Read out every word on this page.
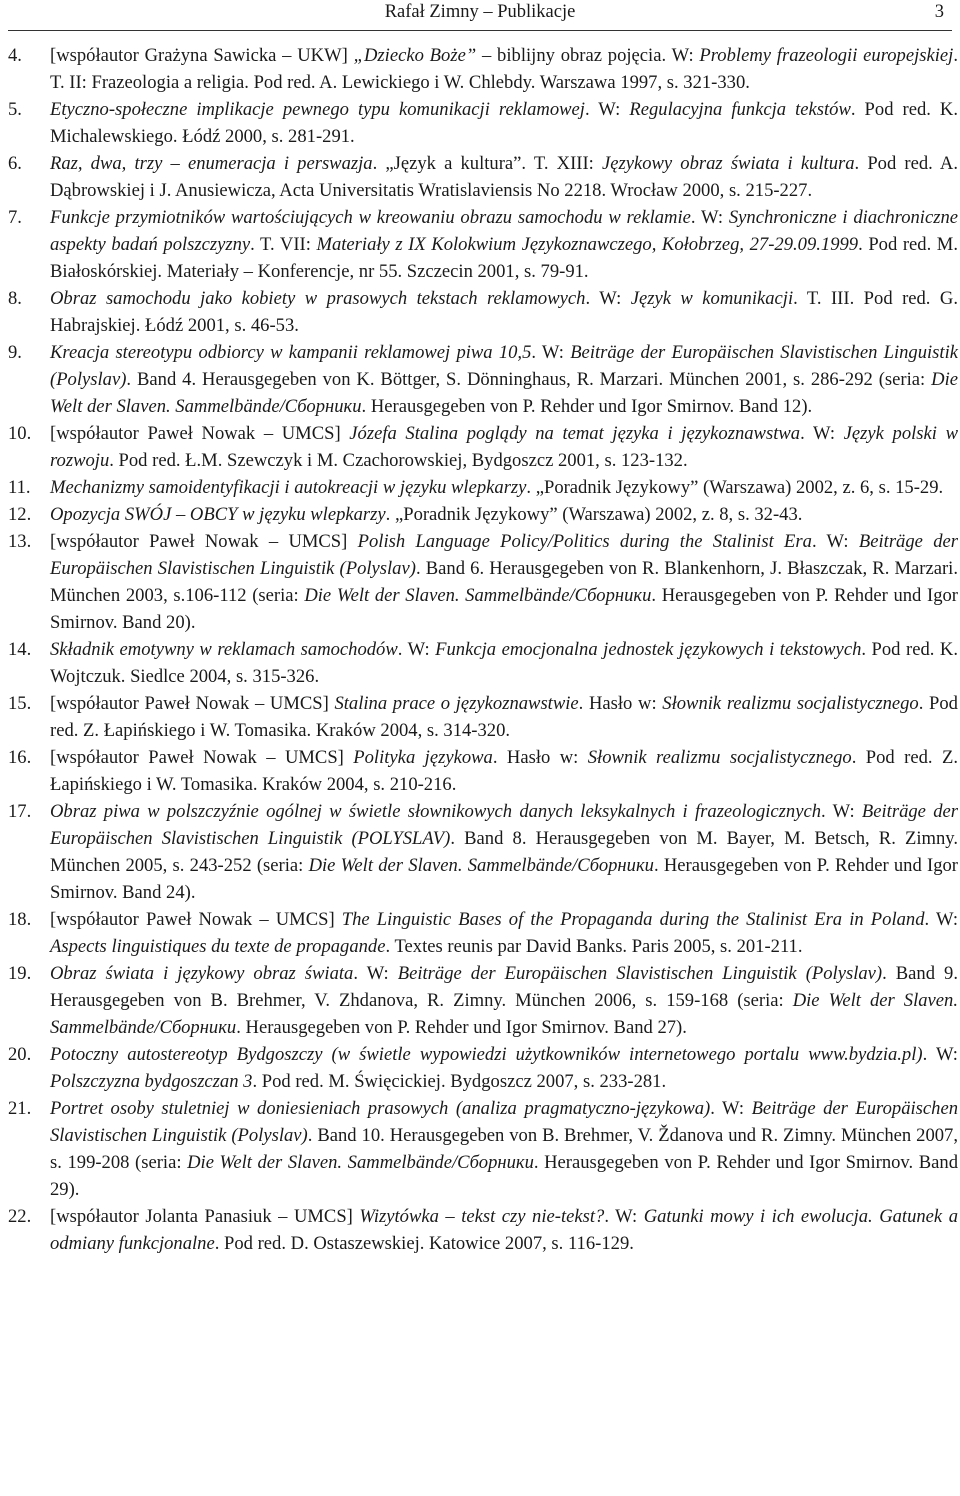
Rafał Zimny – Publikacje	3
4. [współautor Grażyna Sawicka – UKW] „Dziecko Boże” – biblijny obraz pojęcia. W: Problemy frazeologii europejskiej. T. II: Frazeologia a religia. Pod red. A. Lewickiego i W. Chlebdy. Warszawa 1997, s. 321-330.
5. Etyczno-społeczne implikacje pewnego typu komunikacji reklamowej. W: Regulacyjna funkcja tekstów. Pod red. K. Michalewskiego. Łódź 2000, s. 281-291.
6. Raz, dwa, trzy – enumeracja i perswazja. „Język a kultura”. T. XIII: Językowy obraz świata i kultura. Pod red. A. Dąbrowskiej i J. Anusiewicza, Acta Universitatis Wratislaviensis No 2218. Wrocław 2000, s. 215-227.
7. Funkcje przymiotników wartościujących w kreowaniu obrazu samochodu w reklamie. W: Synchroniczne i diachroniczne aspekty badań polszczyzny. T. VII: Materiały z IX Kolokwium Językoznawczego, Kołobrzeg, 27-29.09.1999. Pod red. M. Białoskórskiej. Materiały – Konferencje, nr 55. Szczecin 2001, s. 79-91.
8. Obraz samochodu jako kobiety w prasowych tekstach reklamowych. W: Język w komunikacji. T. III. Pod red. G. Habrajskiej. Łódź 2001, s. 46-53.
9. Kreacja stereotypu odbiorcy w kampanii reklamowej piwa 10,5. W: Beiträge der Europäischen Slavistischen Linguistik (Polyslav). Band 4. Herausgegeben von K. Böttger, S. Dönninghaus, R. Marzari. München 2001, s. 286-292 (seria: Die Welt der Slaven. Sammelbände/Сборники. Herausgegeben von P. Rehder und Igor Smirnov. Band 12).
10. [współautor Paweł Nowak – UMCS] Józefa Stalina poglądy na temat języka i językoznawstwa. W: Język polski w rozwoju. Pod red. Ł.M. Szewczyk i M. Czachorowskiej, Bydgoszcz 2001, s. 123-132.
11. Mechanizmy samoidentyfikacji i autokreacji w języku wlepkarzy. „Poradnik Językowy” (Warszawa) 2002, z. 6, s. 15-29.
12. Opozycja SWÓJ – OBCY w języku wlepkarzy. „Poradnik Językowy” (Warszawa) 2002, z. 8, s. 32-43.
13. [współautor Paweł Nowak – UMCS] Polish Language Policy/Politics during the Stalinist Era. W: Beiträge der Europäischen Slavistischen Linguistik (Polyslav). Band 6. Herausgegeben von R. Blankenhorn, J. Błaszczak, R. Marzari. München 2003, s.106-112 (seria: Die Welt der Slaven. Sammelbände/Сборники. Herausgegeben von P. Rehder und Igor Smirnov. Band 20).
14. Składnik emotywny w reklamach samochodów. W: Funkcja emocjonalna jednostek językowych i tekstowych. Pod red. K. Wojtczuk. Siedlce 2004, s. 315-326.
15. [współautor Paweł Nowak – UMCS] Stalina prace o językoznawstwie. Hasło w: Słownik realizmu socjalistycznego. Pod red. Z. Łapińskiego i W. Tomasika. Kraków 2004, s. 314-320.
16. [współautor Paweł Nowak – UMCS] Polityka językowa. Hasło w: Słownik realizmu socjalistycznego. Pod red. Z. Łapińskiego i W. Tomasika. Kraków 2004, s. 210-216.
17. Obraz piwa w polszczyźnie ogólnej w świetle słownikowych danych leksykalnych i frazeologicznych. W: Beiträge der Europäischen Slavistischen Linguistik (POLYSLAV). Band 8. Herausgegeben von M. Bayer, M. Betsch, R. Zimny. München 2005, s. 243-252 (seria: Die Welt der Slaven. Sammelbände/Сборники. Herausgegeben von P. Rehder und Igor Smirnov. Band 24).
18. [współautor Paweł Nowak – UMCS] The Linguistic Bases of the Propaganda during the Stalinist Era in Poland. W: Aspects linguistiques du texte de propagande. Textes reunis par David Banks. Paris 2005, s. 201-211.
19. Obraz świata i językowy obraz świata. W: Beiträge der Europäischen Slavistischen Linguistik (Polyslav). Band 9. Herausgegeben von B. Brehmer, V. Zhdanova, R. Zimny. München 2006, s. 159-168 (seria: Die Welt der Slaven. Sammelbände/Сборники. Herausgegeben von P. Rehder und Igor Smirnov. Band 27).
20. Potoczny autostereotyp Bydgoszczy (w świetle wypowiedzi użytkowników internetowego portalu www.bydzia.pl). W: Polszczyzna bydgoszczan 3. Pod red. M. Święcickiej. Bydgoszcz 2007, s. 233-281.
21. Portret osoby stuletniej w doniesieniach prasowych (analiza pragmatyczno-językowa). W: Beiträge der Europäischen Slavistischen Linguistik (Polyslav). Band 10. Herausgegeben von B. Brehmer, V. Ždanova und R. Zimny. München 2007, s. 199-208 (seria: Die Welt der Slaven. Sammelbände/Сборники. Herausgegeben von P. Rehder und Igor Smirnov. Band 29).
22. [współautor Jolanta Panasiuk – UMCS] Wizytówka – tekst czy nie-tekst?. W: Gatunki mowy i ich ewolucja. Gatunek a odmiany funkcjonalne. Pod red. D. Ostaszewskiej. Katowice 2007, s. 116-129.
